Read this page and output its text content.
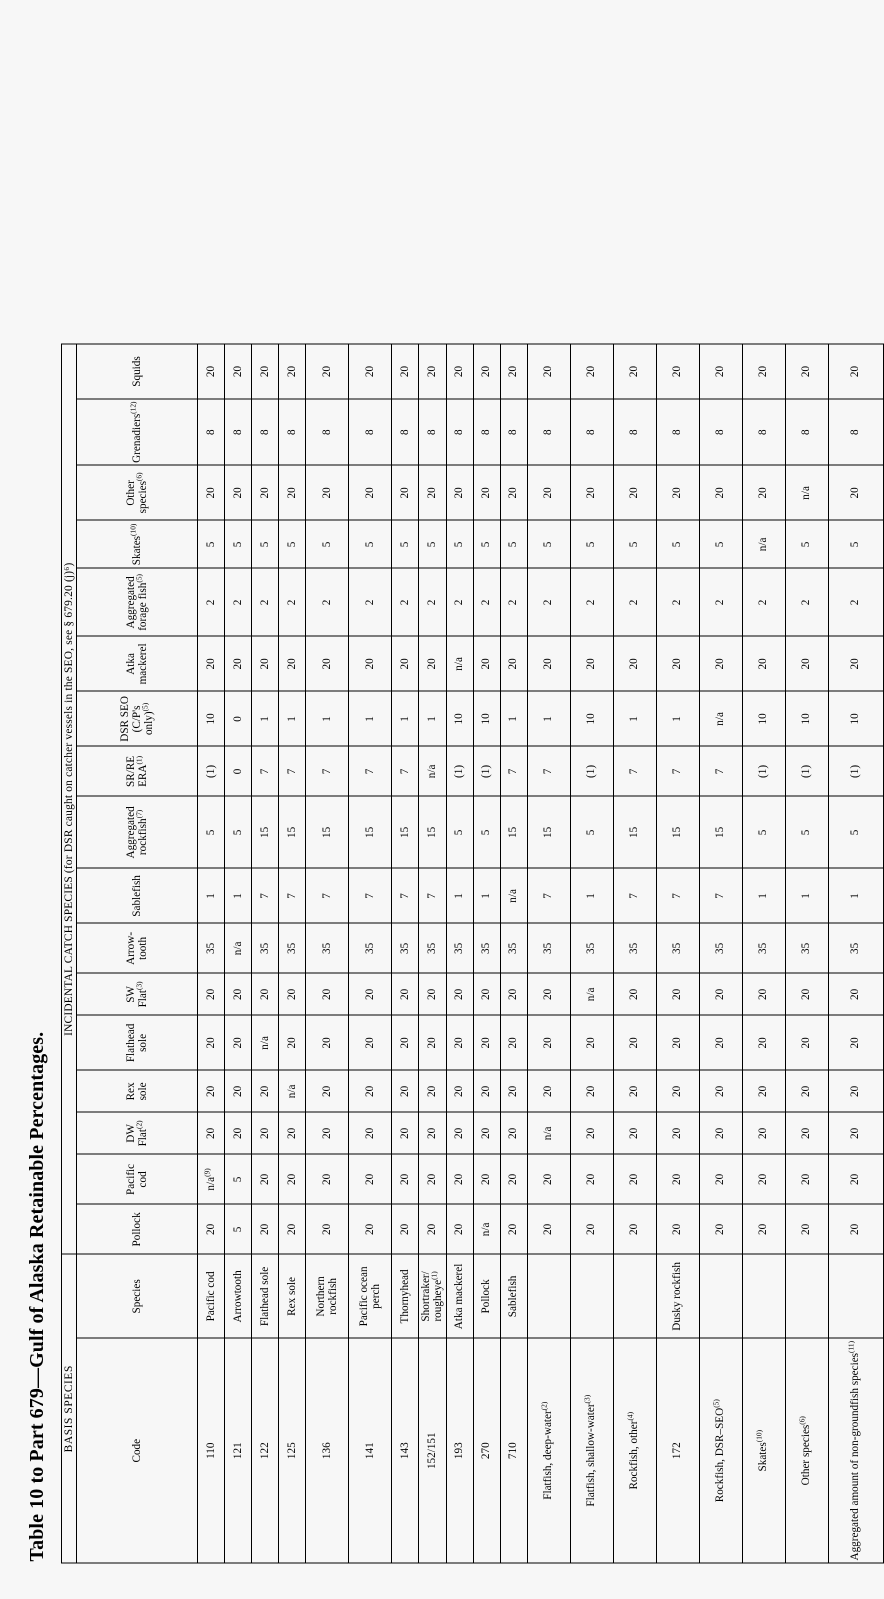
Table 10 to Part 679—Gulf of Alaska Retainable Percentages. BASIS SPECIES		INCIDENTAL CATCH SPECIES (for DSR caught on catcher vessels in the SEO, see § 679.20 (j)⁶)																
Code	Species	Pollock	Pacific cod	DW Flat$^{(2)}$	Rex sole	Flathead sole	SW Flat$^{(3)}$	Arrow-tooth	Sablefish	Aggregated rockfish$^{(7)}$	SR/RE ERA$^{(1)}$	DSR SEO (C/P's only)$^{(5)}$	Atka mackerel	Aggregated forage fish$^{(5)}$	Skates$^{(10)}$	Other species$^{(6)}$	Grenadiers$^{(12)}$	Squids
110	Pacific cod	20	$n/a^{(9)}$	20	20	20	20	35	1	5	(1)	10	20	2	5	20	8	20
121	Arrowtooth	5	5	20	20	20	20	n/a	1	5	0	0	20	2	5	20	8	20
122	Flathead sole	20	20	20	20	n/a	20	35	7	15	7	1	20	2	5	20	8	20
125	Rex sole	20	20	20	n/a	20	20	35	7	15	7	1	20	2	5	20	8	20
136	Northern rockfish	20	20	20	20	20	20	35	7	15	7	1	20	2	5	20	8	20
141	Pacific ocean perch	20	20	20	20	20	20	35	7	15	7	1	20	2	5	20	8	20
143	Thornyhead	20	20	20	20	20	20	35	7	15	7	1	20	2	5	20	8	20
152/151	Shortraker/ rougheye$^{(1)}$	20	20	20	20	20	20	35	7	15	n/a	1	20	2	5	20	8	20
193	Atka mackerel	20	20	20	20	20	20	35	1	5	(1)	10	n/a	2	5	20	8	20
270	Pollock	n/a	20	20	20	20	20	35	1	5	(1)	10	20	2	5	20	8	20
710	Sablefish	20	20	20	20	20	20	35	n/a	15	7	1	20	2	5	20	8	20
Flatfish, deep-water$^{(2)}$		20	20	n/a	20	20	20	35	7	15	7	1	20	2	5	20	8	20
Flatfish, shallow-water$^{(3)}$		20	20	20	20	20	n/a	35	1	5	(1)	10	20	2	5	20	8	20
Rockfish, other$^{(4)}$		20	20	20	20	20	20	35	7	15	7	1	20	2	5	20	8	20
172	Dusky rockfish	20	20	20	20	20	20	35	7	15	7	1	20	2	5	20	8	20
Rockfish, DSR–SEO$^{(5)}$		20	20	20	20	20	20	35	7	15	7	n/a	20	2	5	20	8	20
Skates$^{(10)}$		20	20	20	20	20	20	35	1	5	(1)	10	20	2	n/a	20	8	20
Other species$^{(6)}$		20	20	20	20	20	20	35	1	5	(1)	10	20	2	5	n/a	8	20
Aggregated amount of non-groundfish species$^{(11)}$		20	20	20	20	20	20	35	1	5	(1)	10	20	2	5	20	8	20
